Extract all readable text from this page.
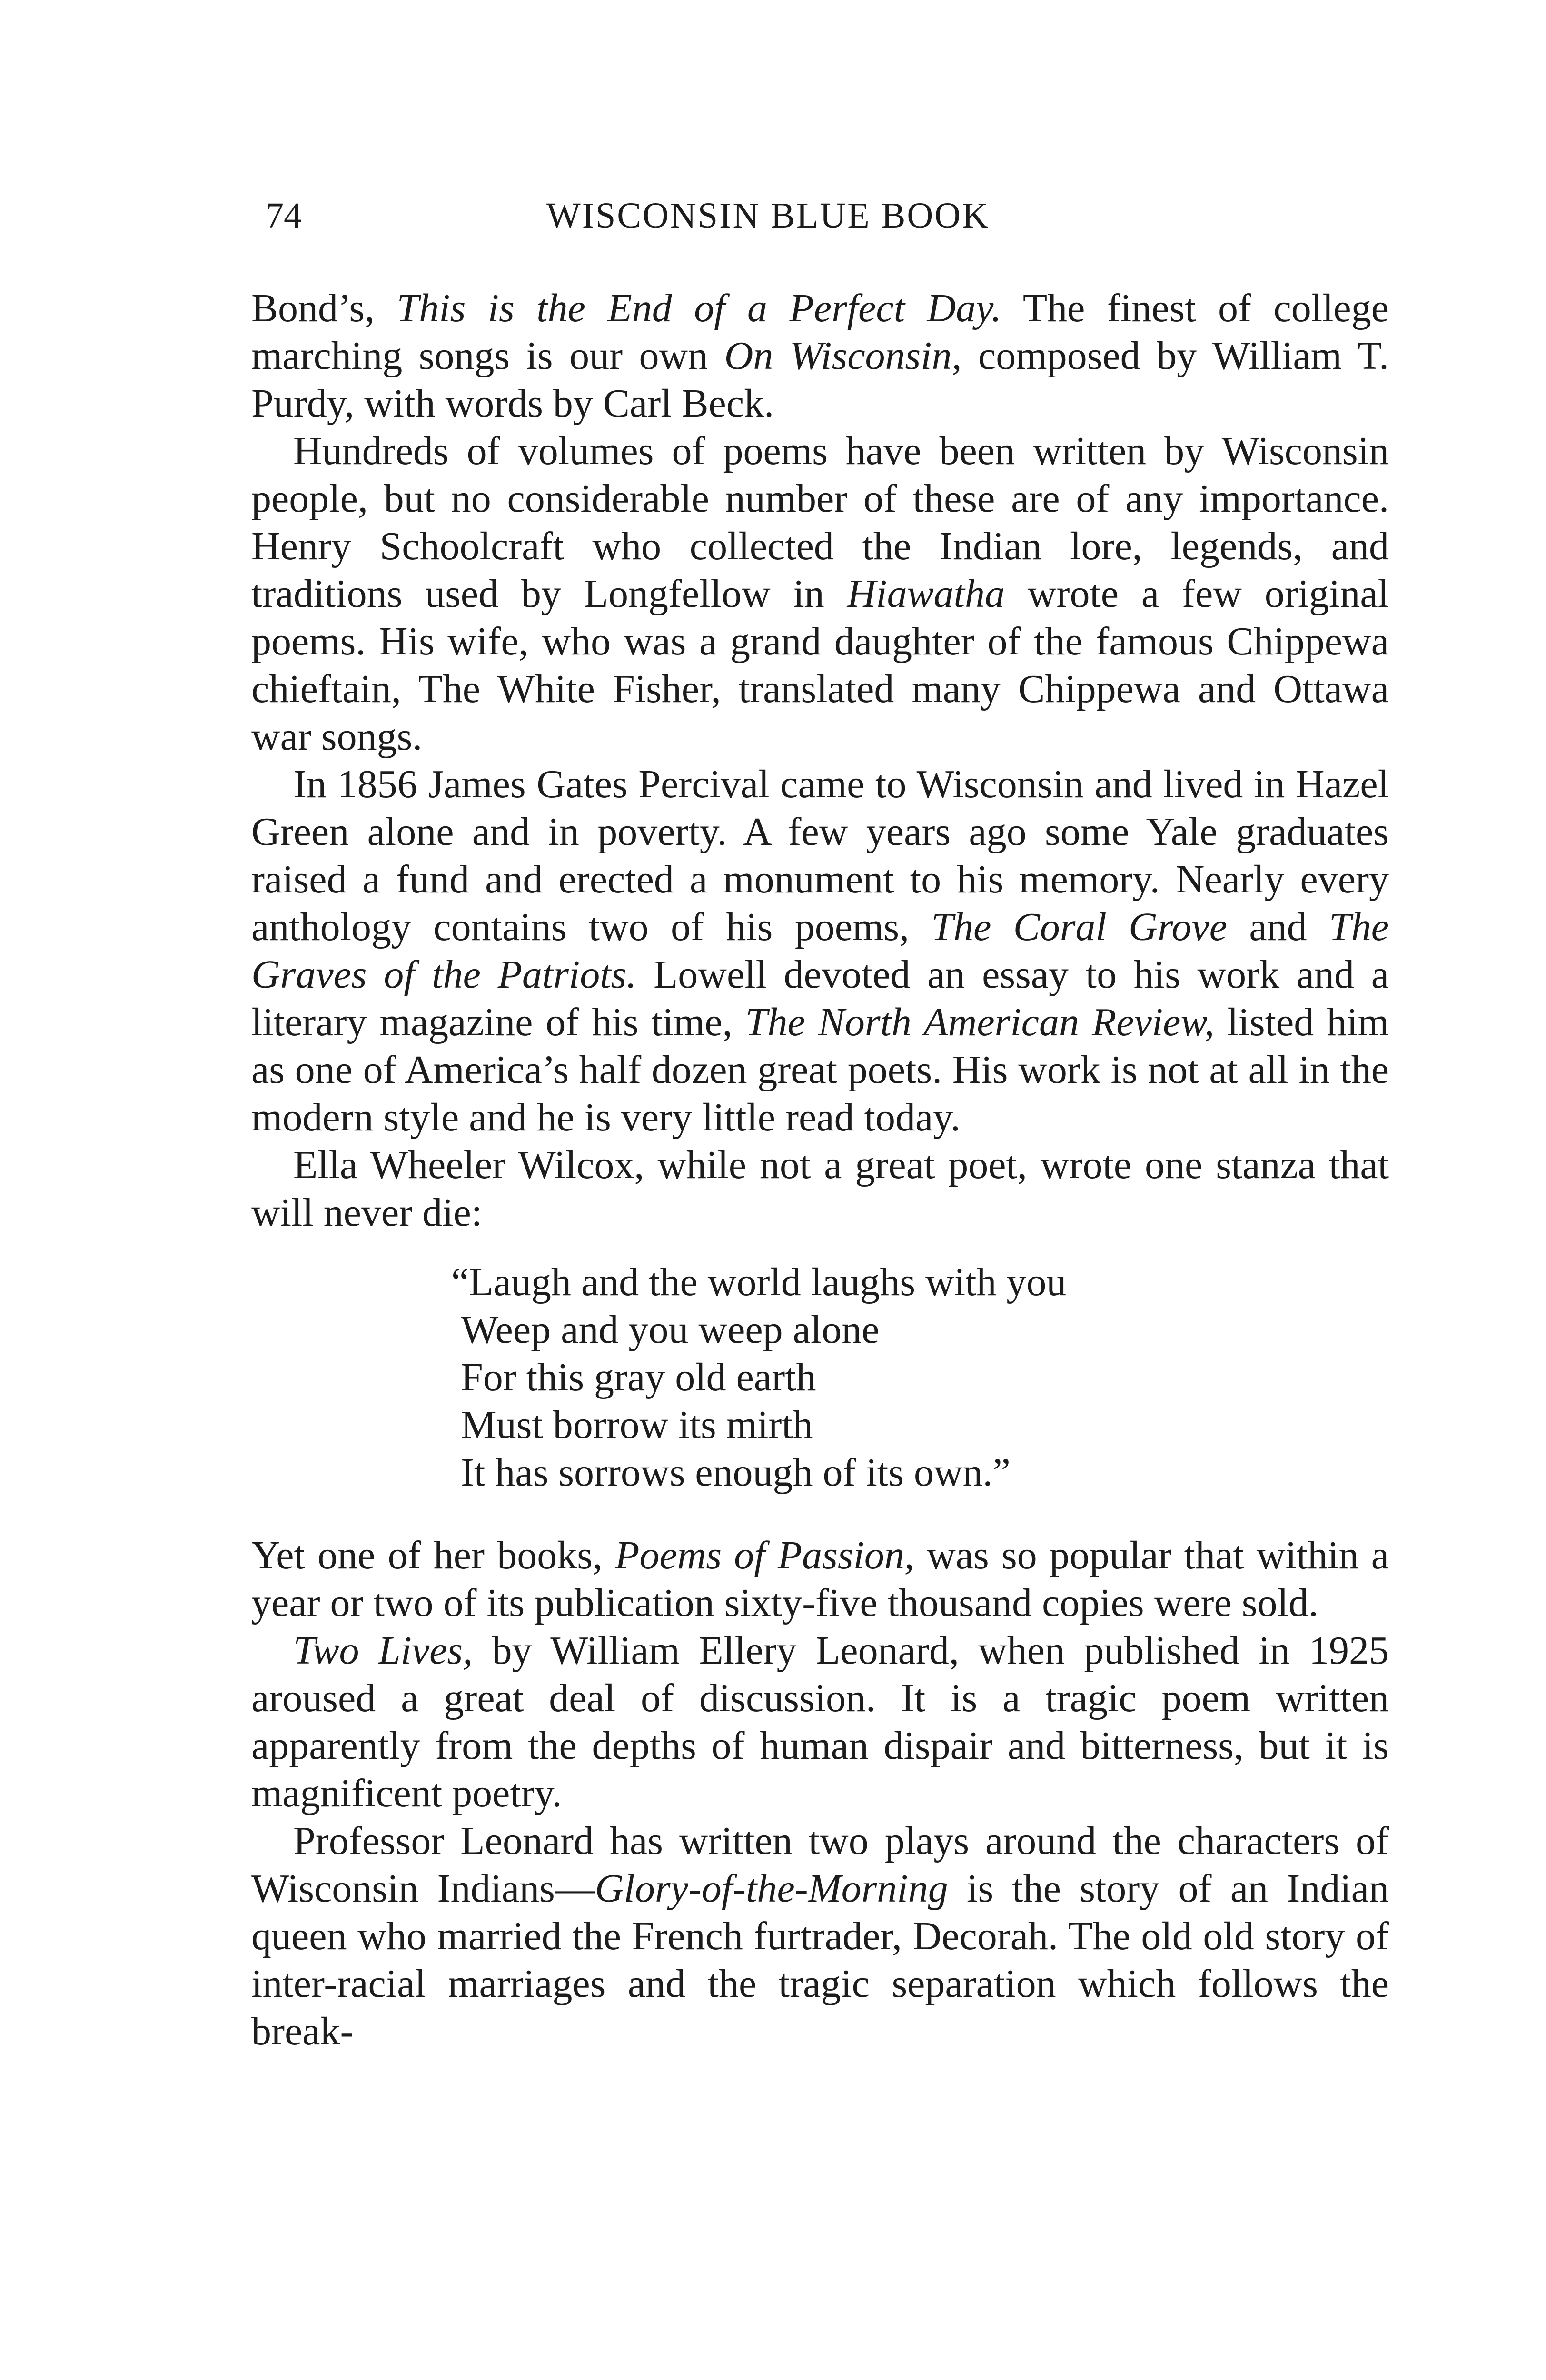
74	WISCONSIN BLUE BOOK

Bond’s, This is the End of a Perfect Day. The finest of college marching songs is our own On Wisconsin, composed by William T. Purdy, with words by Carl Beck.

Hundreds of volumes of poems have been written by Wisconsin people, but no considerable number of these are of any importance. Henry Schoolcraft who collected the Indian lore, legends, and traditions used by Longfellow in Hiawatha wrote a few original poems. His wife, who was a grand daughter of the famous Chippewa chieftain, The White Fisher, translated many Chippewa and Ottawa war songs.

In 1856 James Gates Percival came to Wisconsin and lived in Hazel Green alone and in poverty. A few years ago some Yale graduates raised a fund and erected a monument to his memory. Nearly every anthology contains two of his poems, The Coral Grove and The Graves of the Patriots. Lowell devoted an essay to his work and a literary magazine of his time, The North American Review, listed him as one of America’s half dozen great poets. His work is not at all in the modern style and he is very little read today.

Ella Wheeler Wilcox, while not a great poet, wrote one stanza that will never die:

“Laugh and the world laughs with you
Weep and you weep alone
For this gray old earth
Must borrow its mirth
It has sorrows enough of its own.”

Yet one of her books, Poems of Passion, was so popular that within a year or two of its publication sixty-five thousand copies were sold.

Two Lives, by William Ellery Leonard, when published in 1925 aroused a great deal of discussion. It is a tragic poem written apparently from the depths of human dispair and bitterness, but it is magnificent poetry.

Professor Leonard has written two plays around the characters of Wisconsin Indians—Glory-of-the-Morning is the story of an Indian queen who married the French furtrader, Decorah. The old old story of inter-racial marriages and the tragic separation which follows the break-
